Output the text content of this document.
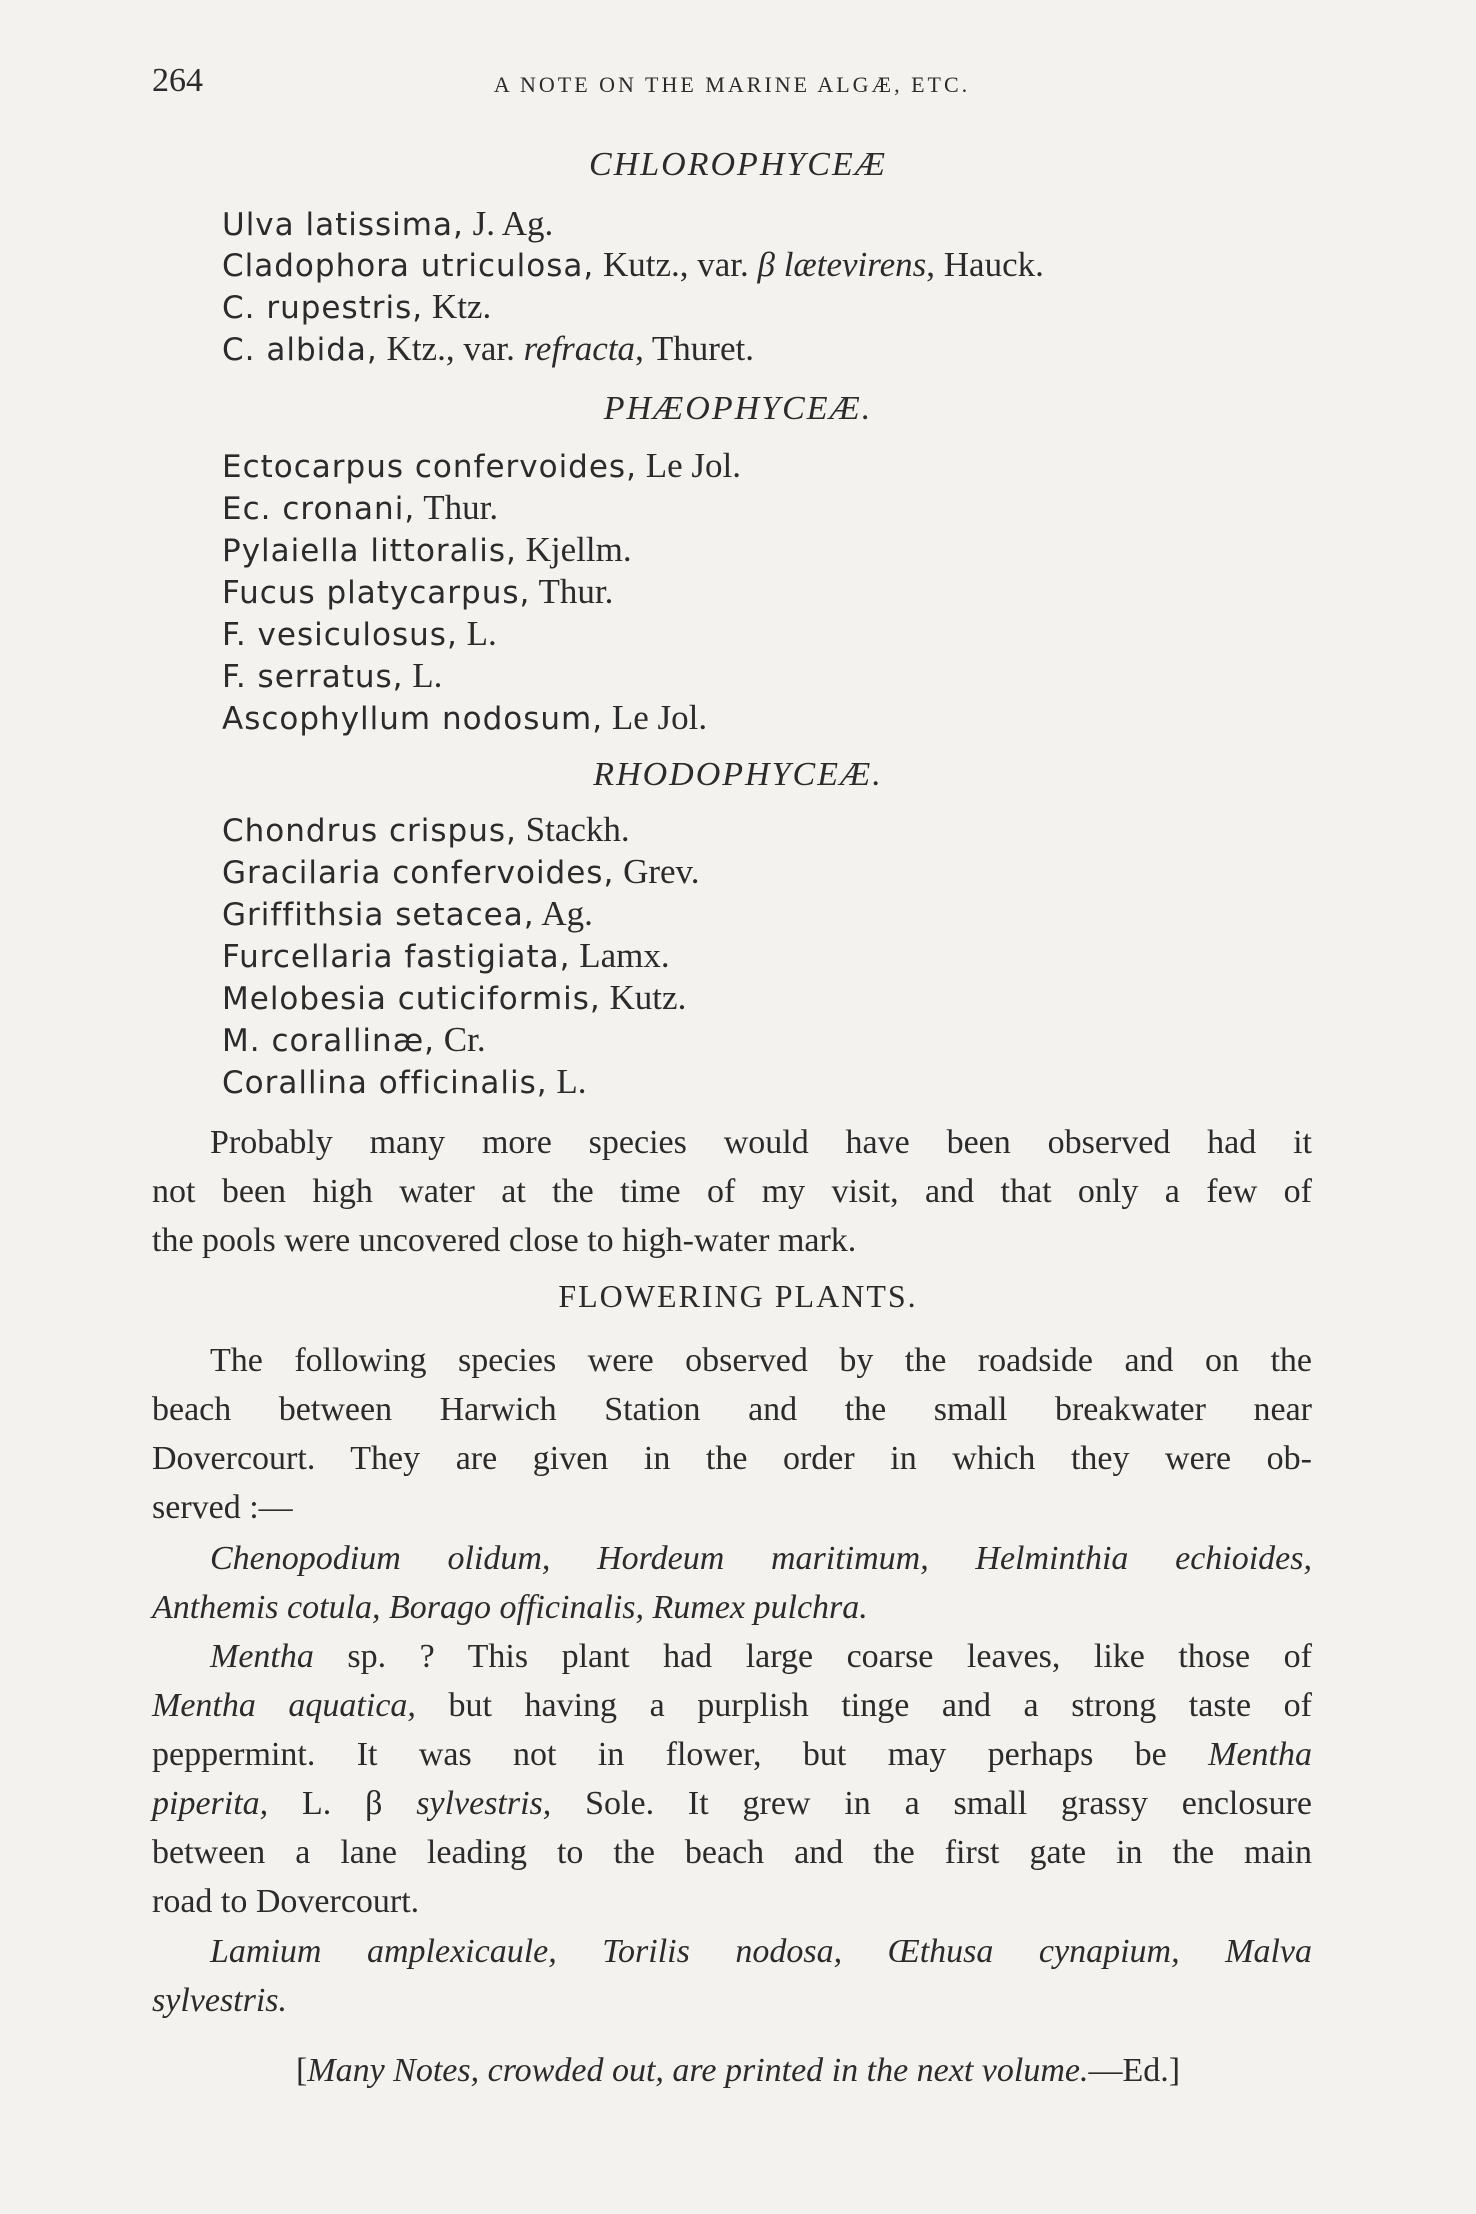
264	A NOTE ON THE MARINE ALGÆ, ETC.
CHLOROPHYCEÆ
Ulva latissima, J. Ag.
Cladophora utriculosa, Kutz., var. β lætevirens, Hauck.
C. rupestris, Ktz.
C. albida, Ktz., var. refracta, Thuret.
PHÆOPHYCEÆ.
Ectocarpus confervoides, Le Jol.
Ec. cronani, Thur.
Pylaiella littoralis, Kjellm.
Fucus platycarpus, Thur.
F. vesiculosus, L.
F. serratus, L.
Ascophyllum nodosum, Le Jol.
RHODOPHYCEÆ.
Chondrus crispus, Stackh.
Gracilaria confervoides, Grev.
Griffithsia setacea, Ag.
Furcellaria fastigiata, Lamx.
Melobesia cuticiformis, Kutz.
M. corallinæ, Cr.
Corallina officinalis, L.
Probably many more species would have been observed had it
not been high water at the time of my visit, and that only a few of
the pools were uncovered close to high-water mark.
FLOWERING PLANTS.
The following species were observed by the roadside and on the
beach between Harwich Station and the small breakwater near
Dovercourt. They are given in the order in which they were ob-
served :—
Chenopodium olidum, Hordeum maritimum, Helminthia echioides,
Anthemis cotula, Borago officinalis, Rumex pulchra.
Mentha sp. ? This plant had large coarse leaves, like those of
Mentha aquatica, but having a purplish tinge and a strong taste of
peppermint. It was not in flower, but may perhaps be Mentha
piperita, L. β sylvestris, Sole. It grew in a small grassy enclosure
between a lane leading to the beach and the first gate in the main
road to Dovercourt.
Lamium amplexicaule, Torilis nodosa, Œthusa cynapium, Malva
sylvestris.
[Many Notes, crowded out, are printed in the next volume.—Ed.]
